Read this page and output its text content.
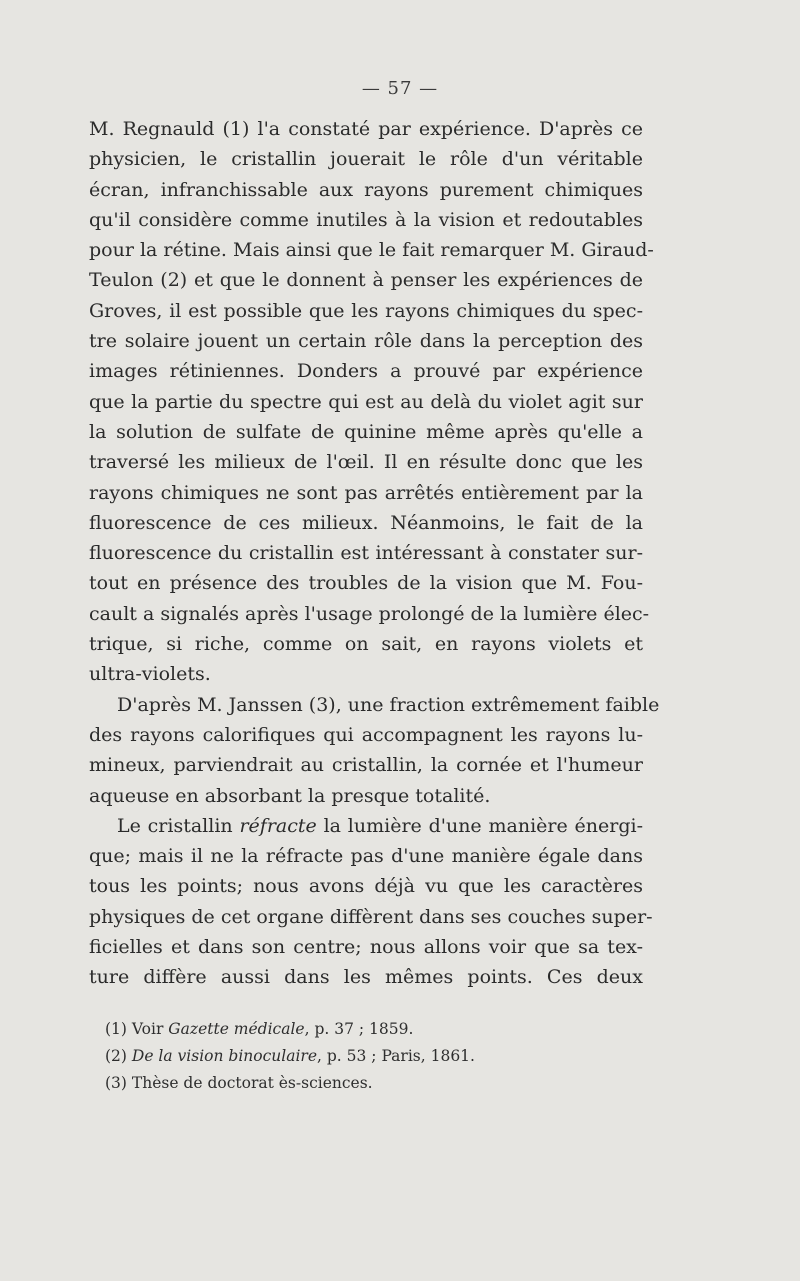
— 57 —
M. Regnauld (1) l'a constaté par expérience. D'après ce
physicien, le cristallin jouerait le rôle d'un véritable
écran, infranchissable aux rayons purement chimiques
qu'il considère comme inutiles à la vision et redoutables
pour la rétine. Mais ainsi que le fait remarquer M. Giraud-
Teulon (2) et que le donnent à penser les expériences de
Groves, il est possible que les rayons chimiques du spec-
tre solaire jouent un certain rôle dans la perception des
images rétiniennes. Donders a prouvé par expérience
que la partie du spectre qui est au delà du violet agit sur
la solution de sulfate de quinine même après qu'elle a
traversé les milieux de l'œil. Il en résulte donc que les
rayons chimiques ne sont pas arrêtés entièrement par la
fluorescence de ces milieux. Néanmoins, le fait de la
fluorescence du cristallin est intéressant à constater sur-
tout en présence des troubles de la vision que M. Fou-
cault a signalés après l'usage prolongé de la lumière élec-
trique, si riche, comme on sait, en rayons violets et
ultra-violets.
D'après M. Janssen (3), une fraction extrêmement faible
des rayons calorifiques qui accompagnent les rayons lu-
mineux, parviendrait au cristallin, la cornée et l'humeur
aqueuse en absorbant la presque totalité.
Le cristallin réfracte la lumière d'une manière énergi-
que; mais il ne la réfracte pas d'une manière égale dans
tous les points; nous avons déjà vu que les caractères
physiques de cet organe diffèrent dans ses couches super-
ficielles et dans son centre; nous allons voir que sa tex-
ture diffère aussi dans les mêmes points. Ces deux
(1) Voir Gazette médicale, p. 37 ; 1859.
(2) De la vision binoculaire, p. 53 ; Paris, 1861.
(3) Thèse de doctorat ès-sciences.
